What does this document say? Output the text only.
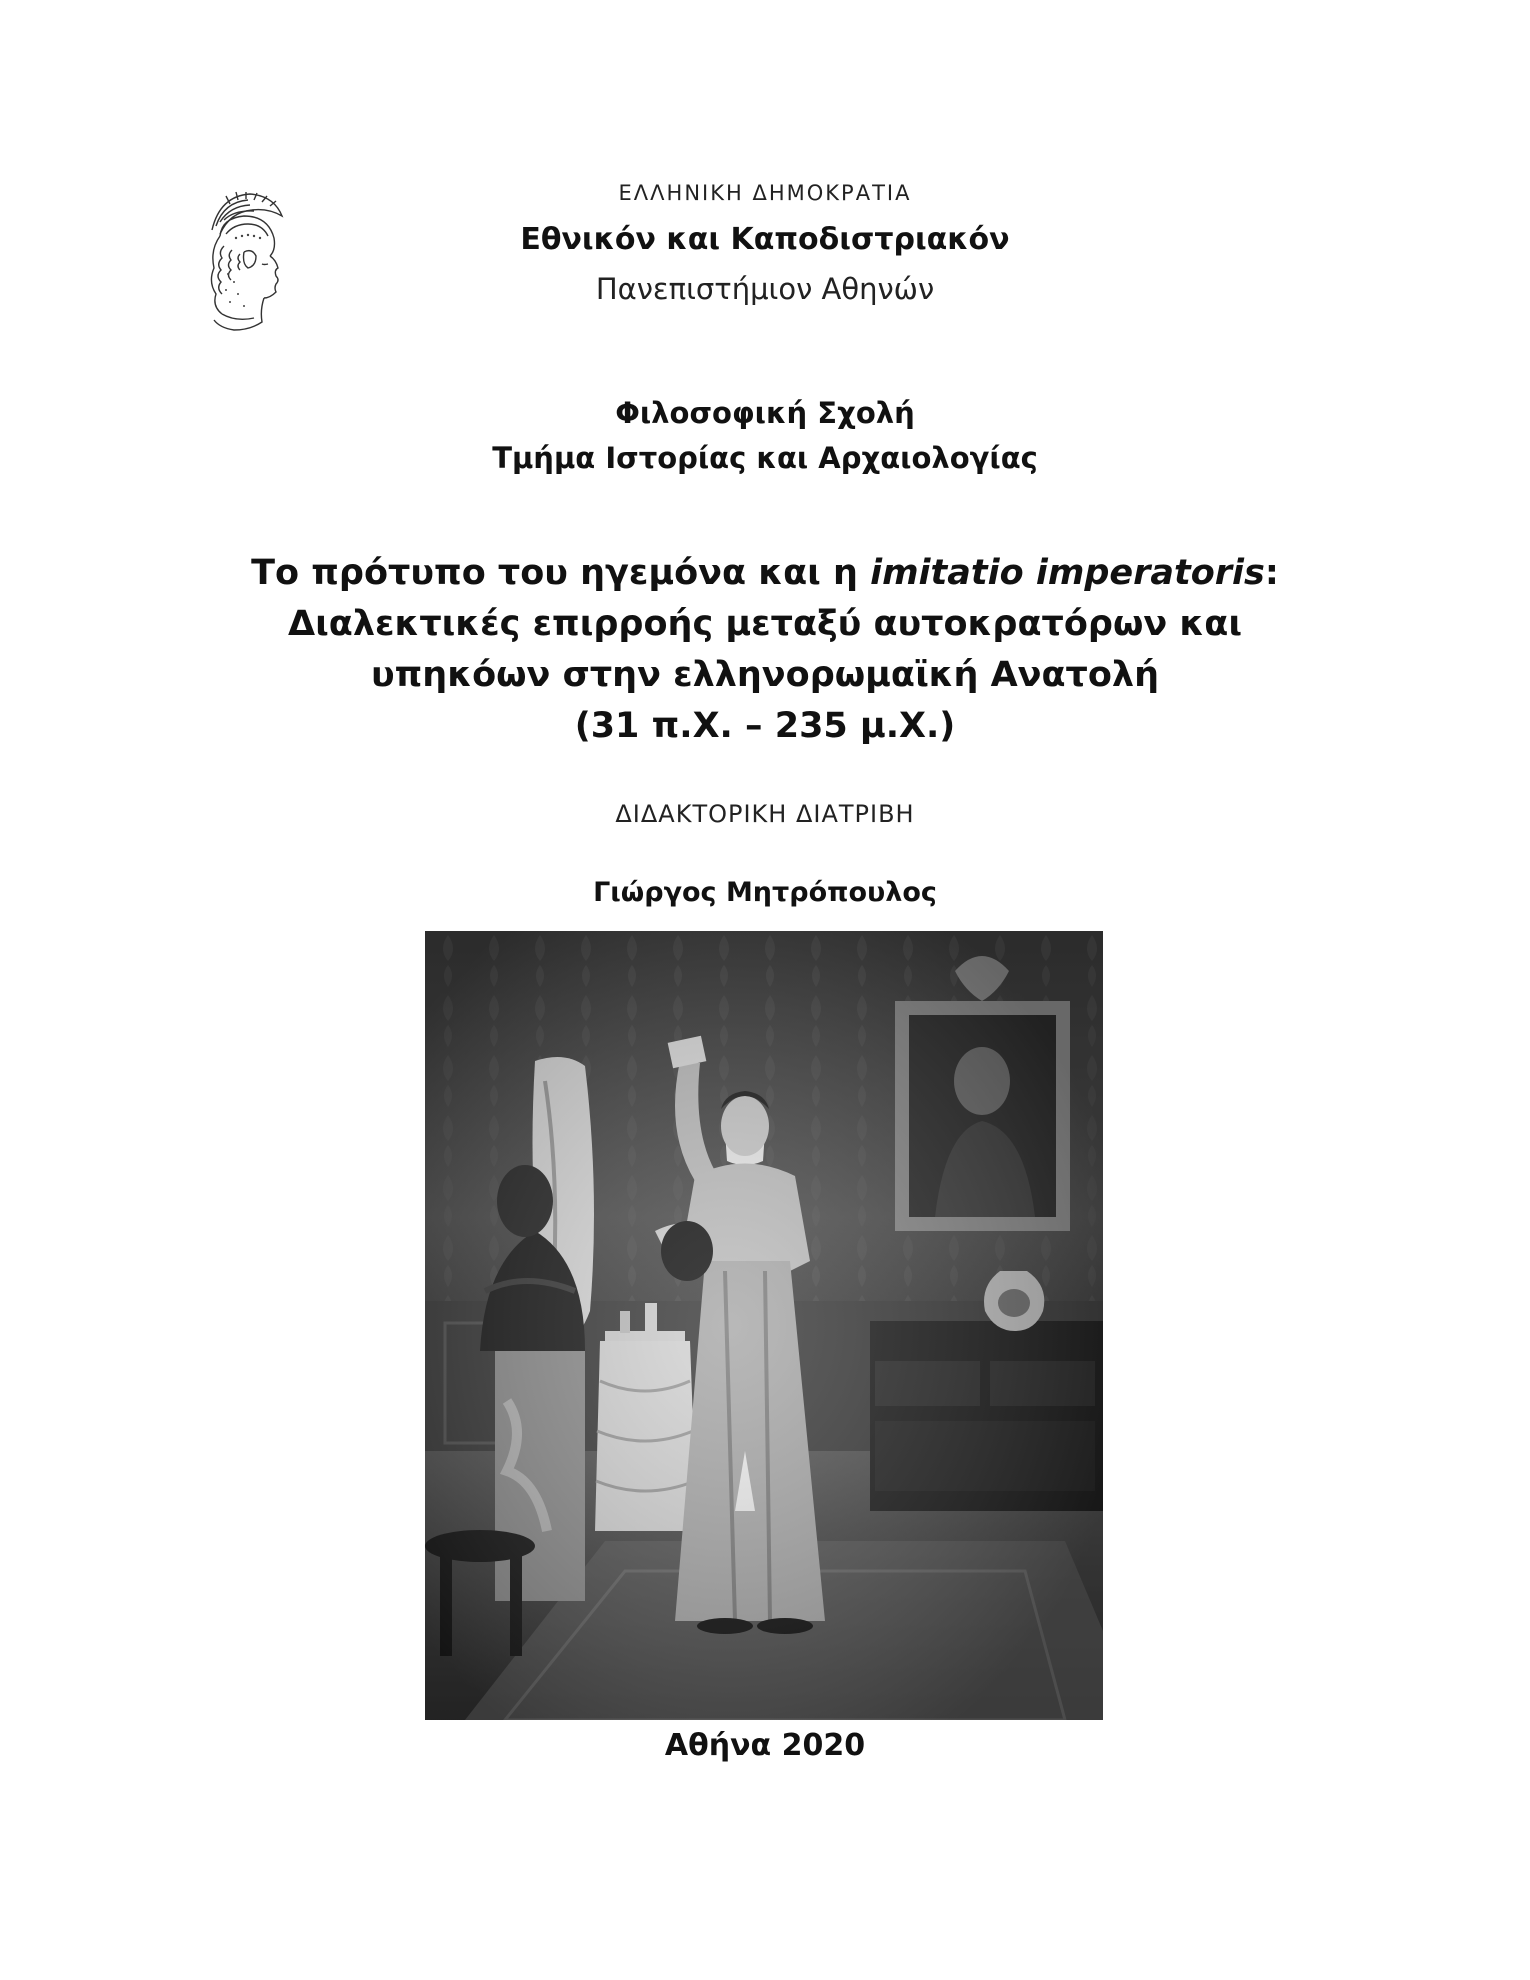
ΕΛΛΗΝΙΚΗ ΔΗΜΟΚΡΑΤΙΑ
Εθνικόν και Καποδιστριακόν
Πανεπιστήμιον Αθηνών
Φιλοσοφική Σχολή
Τμήμα Ιστορίας και Αρχαιολογίας
Το πρότυπο του ηγεμόνα και η imitatio imperatoris:
Διαλεκτικές επιρροής μεταξύ αυτοκρατόρων και
υπηκόων στην ελληνορωμαϊκή Ανατολή
(31 π.Χ. – 235 μ.Χ.)
ΔΙΔΑΚΤΟΡΙΚΗ ΔΙΑΤΡΙΒΗ
Γιώργος Μητρόπουλος
Αθήνα 2020
